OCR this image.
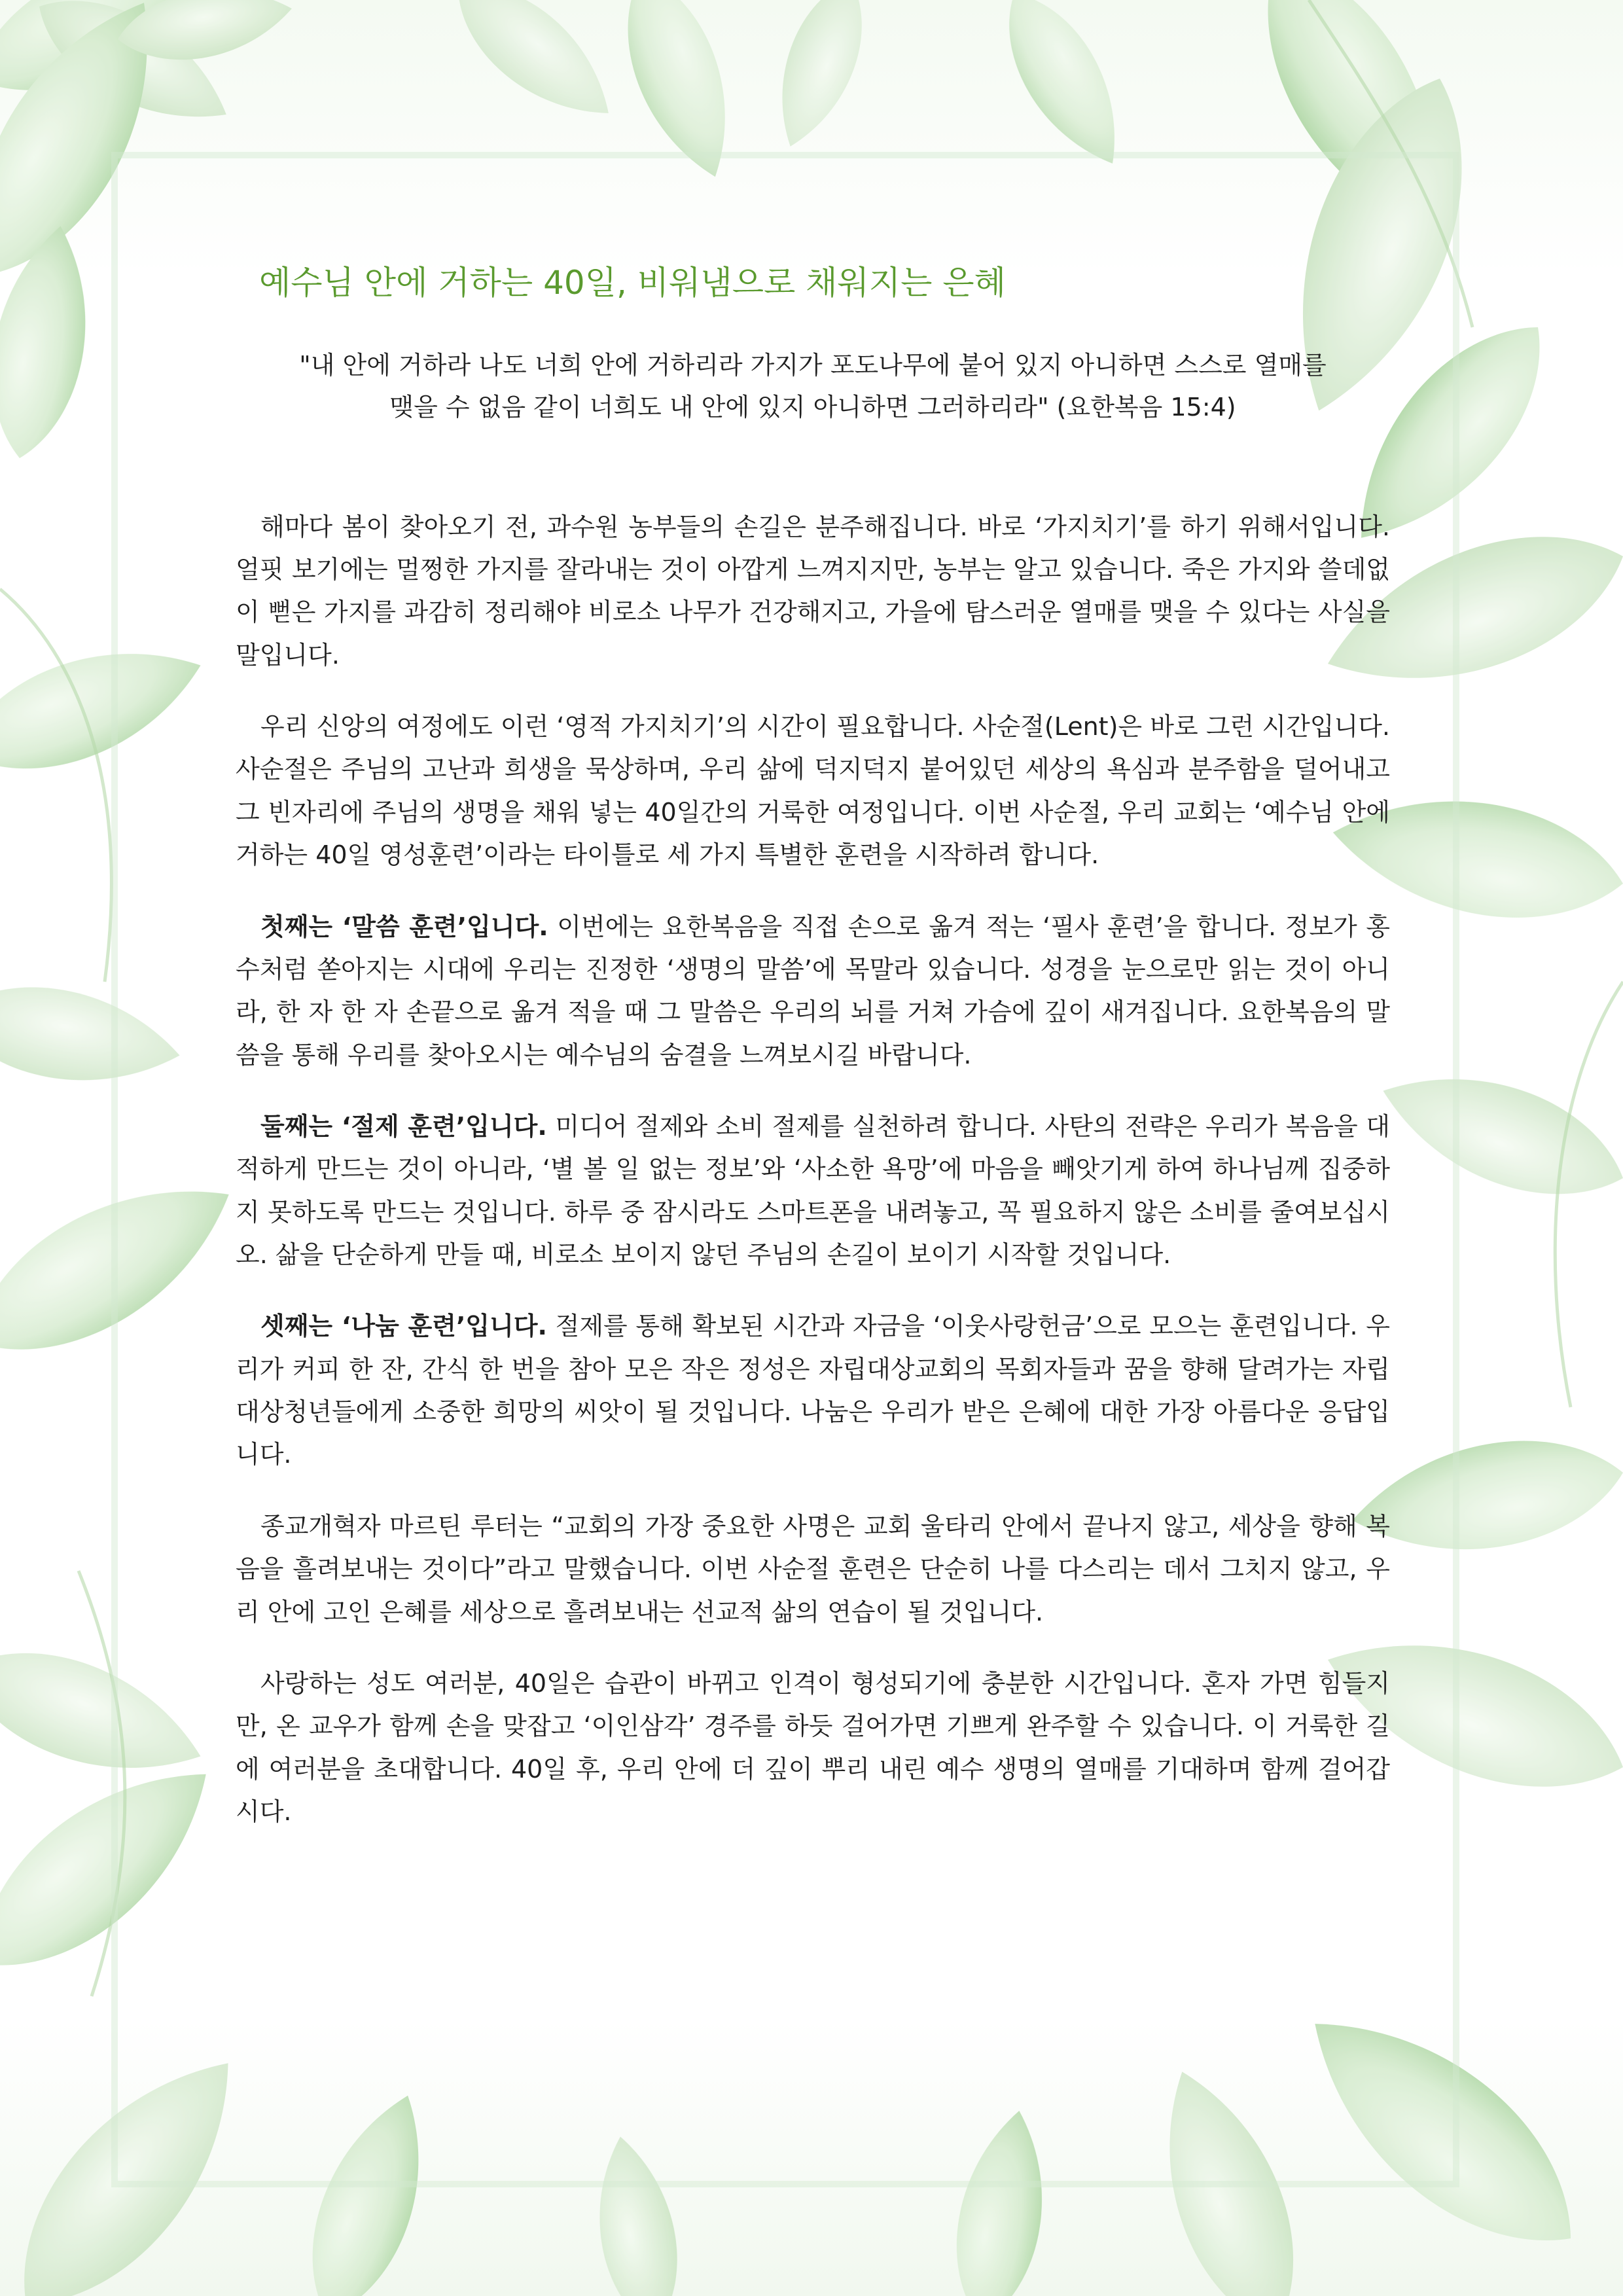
예수님 안에 거하는 40일, 비워냄으로 채워지는 은혜

"내 안에 거하라 나도 너희 안에 거하리라 가지가 포도나무에 붙어 있지 아니하면 스스로 열매를
맺을 수 없음 같이 너희도 내 안에 있지 아니하면 그러하리라" (요한복음 15:4)

해마다 봄이 찾아오기 전, 과수원 농부들의 손길은 분주해집니다. 바로 ‘가지치기’를 하기 위해서입니다. 얼핏 보기에는 멀쩡한 가지를 잘라내는 것이 아깝게 느껴지지만, 농부는 알고 있습니다. 죽은 가지와 쓸데없이 뻗은 가지를 과감히 정리해야 비로소 나무가 건강해지고, 가을에 탐스러운 열매를 맺을 수 있다는 사실을 말입니다.

우리 신앙의 여정에도 이런 ‘영적 가지치기’의 시간이 필요합니다. 사순절(Lent)은 바로 그런 시간입니다. 사순절은 주님의 고난과 희생을 묵상하며, 우리 삶에 덕지덕지 붙어있던 세상의 욕심과 분주함을 덜어내고 그 빈자리에 주님의 생명을 채워 넣는 40일간의 거룩한 여정입니다. 이번 사순절, 우리 교회는 ‘예수님 안에 거하는 40일 영성훈련’이라는 타이틀로 세 가지 특별한 훈련을 시작하려 합니다.

첫째는 ‘말씀 훈련’입니다. 이번에는 요한복음을 직접 손으로 옮겨 적는 ‘필사 훈련’을 합니다. 정보가 홍수처럼 쏟아지는 시대에 우리는 진정한 ‘생명의 말씀’에 목말라 있습니다. 성경을 눈으로만 읽는 것이 아니라, 한 자 한 자 손끝으로 옮겨 적을 때 그 말씀은 우리의 뇌를 거쳐 가슴에 깊이 새겨집니다. 요한복음의 말씀을 통해 우리를 찾아오시는 예수님의 숨결을 느껴보시길 바랍니다.

둘째는 ‘절제 훈련’입니다. 미디어 절제와 소비 절제를 실천하려 합니다. 사탄의 전략은 우리가 복음을 대적하게 만드는 것이 아니라, ‘별 볼 일 없는 정보’와 ‘사소한 욕망’에 마음을 빼앗기게 하여 하나님께 집중하지 못하도록 만드는 것입니다. 하루 중 잠시라도 스마트폰을 내려놓고, 꼭 필요하지 않은 소비를 줄여보십시오. 삶을 단순하게 만들 때, 비로소 보이지 않던 주님의 손길이 보이기 시작할 것입니다.

셋째는 ‘나눔 훈련’입니다. 절제를 통해 확보된 시간과 자금을 ‘이웃사랑헌금’으로 모으는 훈련입니다. 우리가 커피 한 잔, 간식 한 번을 참아 모은 작은 정성은 자립대상교회의 목회자들과 꿈을 향해 달려가는 자립대상청년들에게 소중한 희망의 씨앗이 될 것입니다. 나눔은 우리가 받은 은혜에 대한 가장 아름다운 응답입니다.

종교개혁자 마르틴 루터는 “교회의 가장 중요한 사명은 교회 울타리 안에서 끝나지 않고, 세상을 향해 복음을 흘려보내는 것이다”라고 말했습니다. 이번 사순절 훈련은 단순히 나를 다스리는 데서 그치지 않고, 우리 안에 고인 은혜를 세상으로 흘려보내는 선교적 삶의 연습이 될 것입니다.

사랑하는 성도 여러분, 40일은 습관이 바뀌고 인격이 형성되기에 충분한 시간입니다. 혼자 가면 힘들지만, 온 교우가 함께 손을 맞잡고 ‘이인삼각’ 경주를 하듯 걸어가면 기쁘게 완주할 수 있습니다. 이 거룩한 길에 여러분을 초대합니다. 40일 후, 우리 안에 더 깊이 뿌리 내린 예수 생명의 열매를 기대하며 함께 걸어갑시다.
